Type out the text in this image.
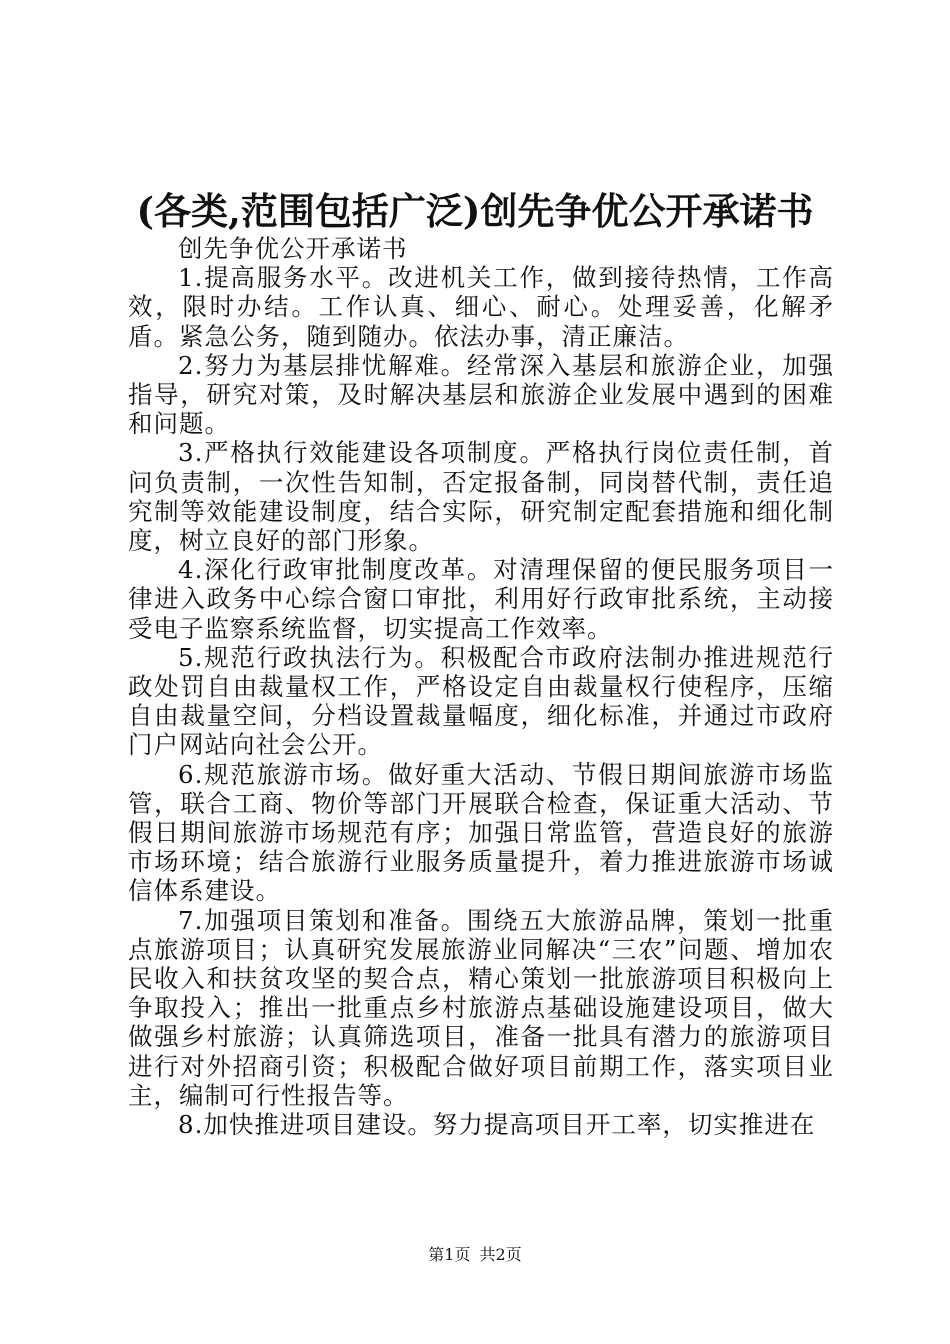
(各类,范围包括广泛)创先争优公开承诺书

创先争优公开承诺书

1.提高服务水平。改进机关工作，做到接待热情，工作高效，限时办结。工作认真、细心、耐心。处理妥善，化解矛盾。紧急公务，随到随办。依法办事，清正廉洁。

2.努力为基层排忧解难。经常深入基层和旅游企业，加强指导，研究对策，及时解决基层和旅游企业发展中遇到的困难和问题。

3.严格执行效能建设各项制度。严格执行岗位责任制，首问负责制，一次性告知制，否定报备制，同岗替代制，责任追究制等效能建设制度，结合实际，研究制定配套措施和细化制度，树立良好的部门形象。

4.深化行政审批制度改革。对清理保留的便民服务项目一律进入政务中心综合窗口审批，利用好行政审批系统，主动接受电子监察系统监督，切实提高工作效率。

5.规范行政执法行为。积极配合市政府法制办推进规范行政处罚自由裁量权工作，严格设定自由裁量权行使程序，压缩自由裁量空间，分档设置裁量幅度，细化标准，并通过市政府门户网站向社会公开。

6.规范旅游市场。做好重大活动、节假日期间旅游市场监管，联合工商、物价等部门开展联合检查，保证重大活动、节假日期间旅游市场规范有序；加强日常监管，营造良好的旅游市场环境；结合旅游行业服务质量提升，着力推进旅游市场诚信体系建设。

7.加强项目策划和准备。围绕五大旅游品牌，策划一批重点旅游项目；认真研究发展旅游业同解决“三农”问题、增加农民收入和扶贫攻坚的契合点，精心策划一批旅游项目积极向上争取投入；推出一批重点乡村旅游点基础设施建设项目，做大做强乡村旅游；认真筛选项目，准备一批具有潜力的旅游项目进行对外招商引资；积极配合做好项目前期工作，落实项目业主，编制可行性报告等。

8.加快推进项目建设。努力提高项目开工率，切实推进在

第1页 共2页
